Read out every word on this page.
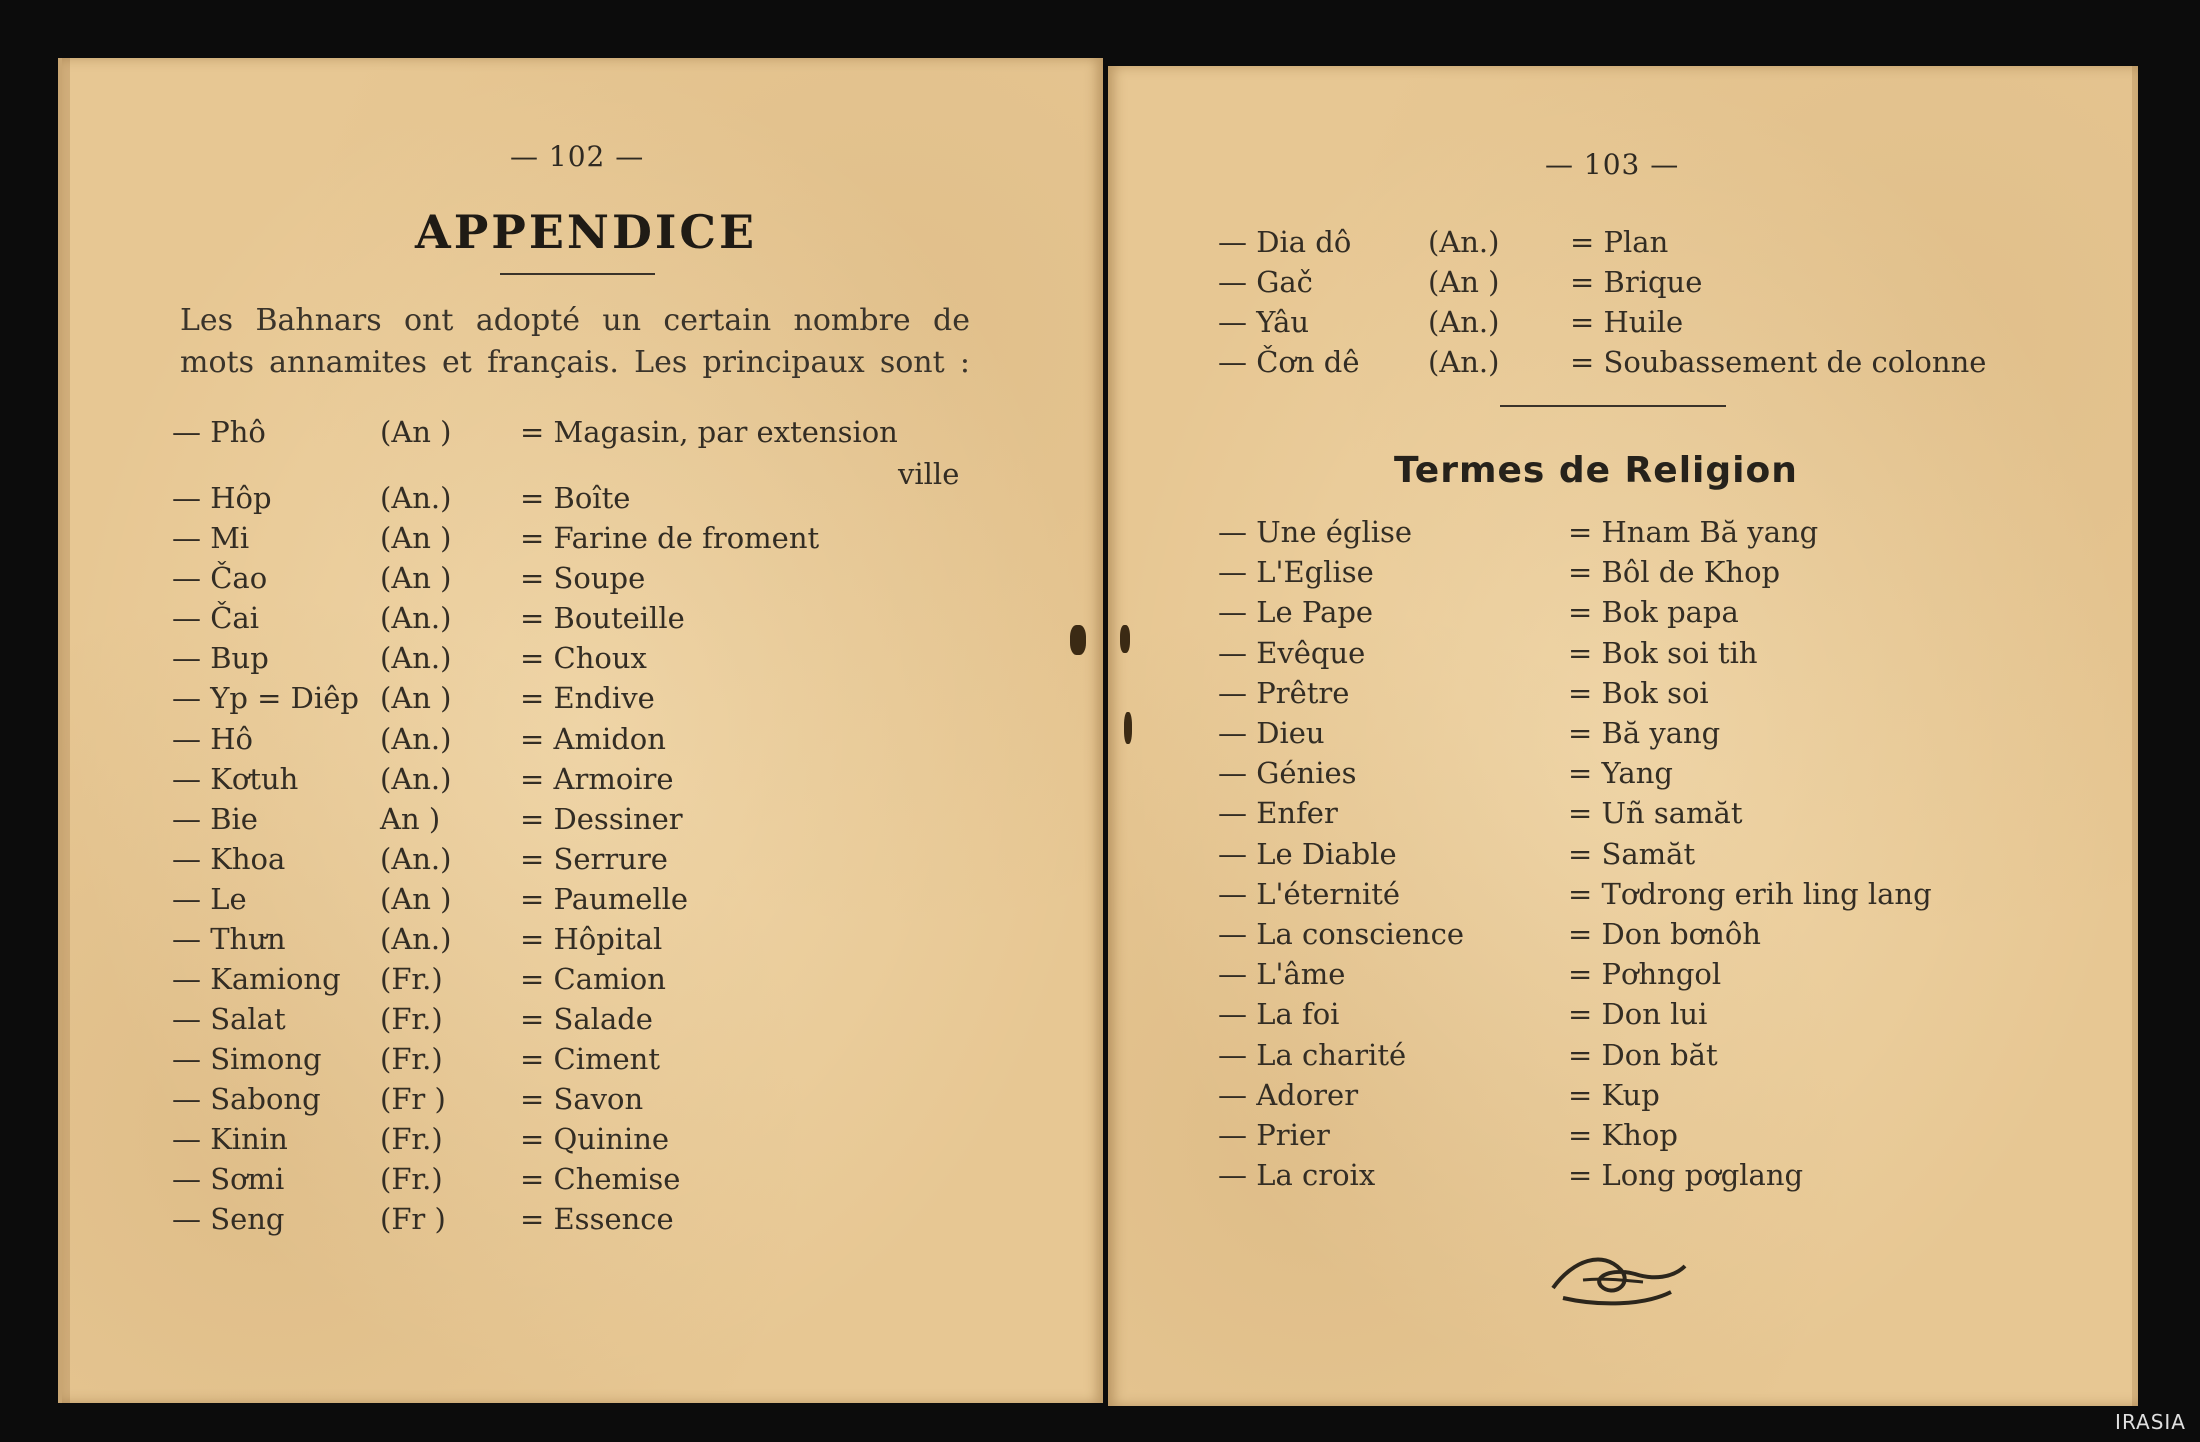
— 102 —
APPENDICE

Les Bahnars ont adopté un certain nombre de

mots annamites et français. Les principaux sont :

— Phô	(An ) = Magasin, par extension
ville
— Hôp	(An.) = Boîte
— Mi	(An ) = Farine de froment
— Čao	(An ) = Soupe
— Čai	(An.) = Bouteille
— Bup	(An.) = Choux
— Yp = Diêp (An ) = Endive
— Hô	(An.) = Amidon
— Kơtuh	(An.) = Armoire
— Bie	An )	= Dessiner
— Khoa	(An.) = Serrure
— Le	(An ) = Paumelle
— Thưn	(An.) = Hôpital
— Kamiong (Fr.)	= Camion
— Salat	(Fr.)	= Salade
— Simong (Fr.)	= Ciment
— Sabong (Fr )	= Savon
— Kinin	(Fr.)	= Quinine
— Sơmi	(Fr.)	= Chemise
— Seng	(Fr )	= Essence
— 103 —
— Dia dô	(An.) = Plan
— Gač	(An ) = Brique
— Yâu	(An.) = Huile
— Čơn dê (An.) = Soubassement de colonne
Termes de Religion
— Une église	= Hnam Bă yang
— L'Eglise	= Bôl de Khop
— Le Pape	= Bok papa
— Evêque	= Bok soi tih
— Prêtre	= Bok soi
— Dieu	= Bă yang
— Génies	= Yang
— Enfer	= Uñ samăt
— Le Diable	= Samăt
— L'éternité	= Tơdrong erih ling lang
— La conscience	= Don bơnôh
— L'âme	= Pơhngol
— La foi	= Don lui
— La charité	= Don băt
— Adorer	= Kup
— Prier	= Khop
— La croix	= Long pơglang
IRASIA
